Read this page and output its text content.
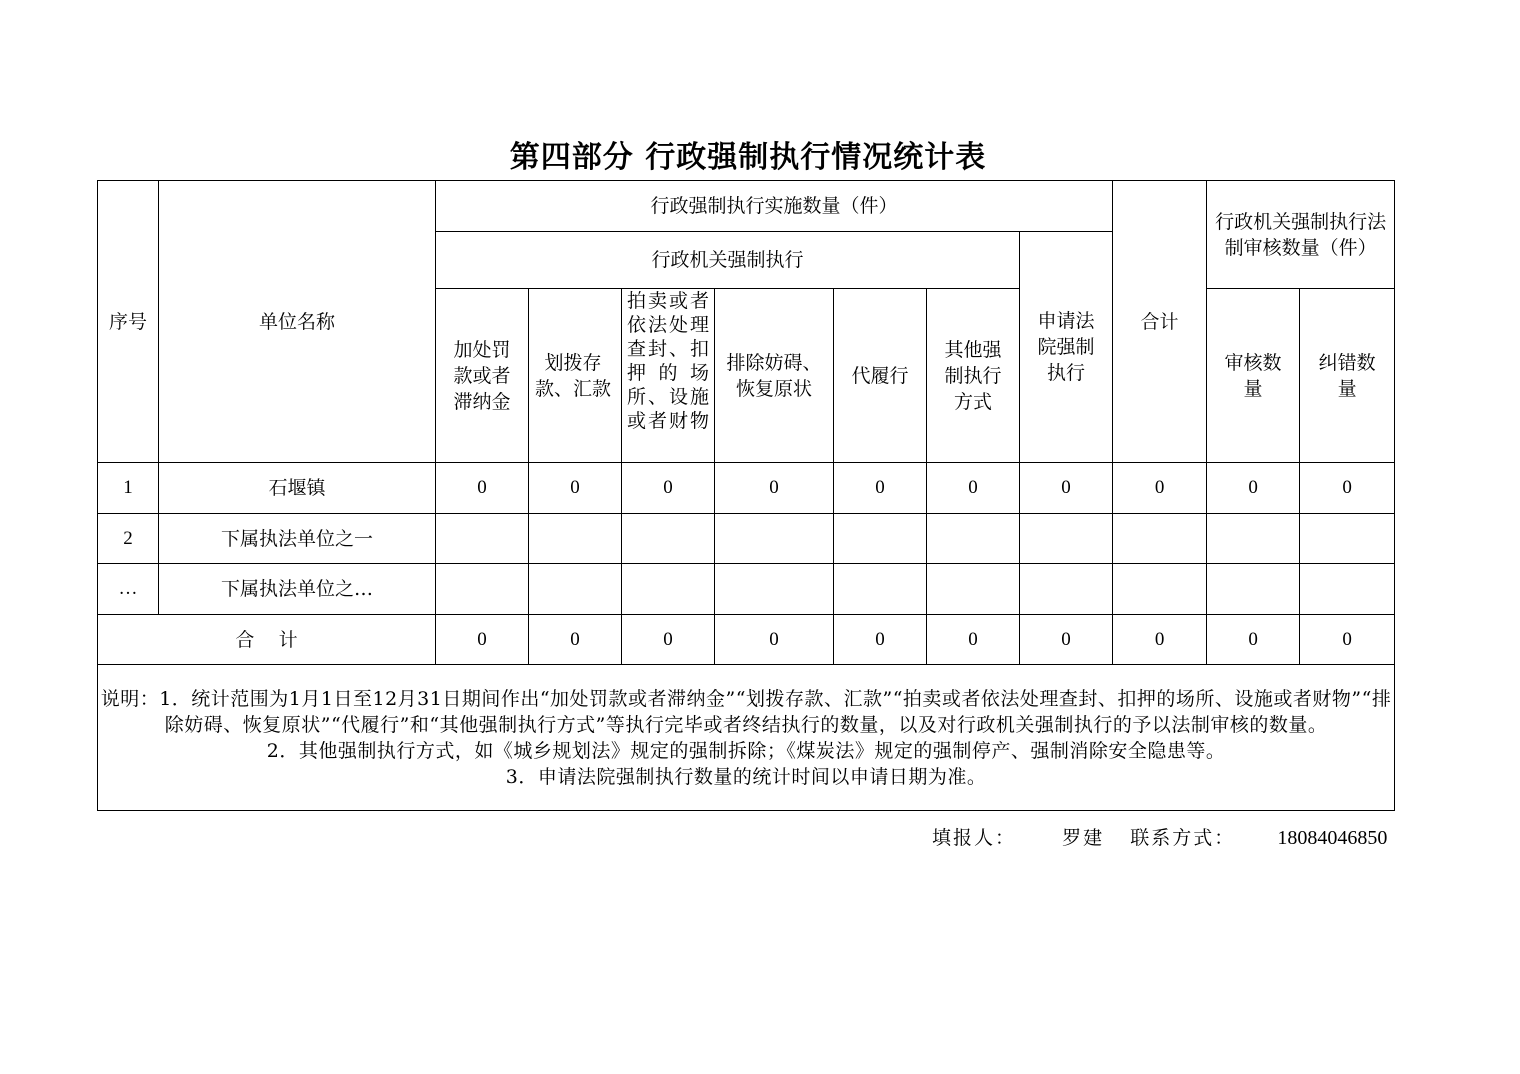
第四部分 行政强制执行情况统计表
序号	单位名称	行政强制执行实施数量（件）							合计	行政机关强制执行法制审核数量（件）	
		行政机关强制执行						申请法院强制执行			
		加处罚款或者滞纳金	划拨存款、汇款	拍卖或者依法处理查封、扣押的场所、设施或者财物	排除妨碍、恢复原状	代履行	其他强制执行方式			审核数量	纠错数量
1	石堰镇	0	0	0	0	0	0	0	0	0	0
2	下属执法单位之一										
…	下属执法单位之…										
合    计		0	0	0	0	0	0	0	0	0	0

说明：1．统计范围为1月1日至12月31日期间作出“加处罚款或者滞纳金”“划拨存款、汇款”“拍卖或者依法处理查封、扣押的场所、设施或者财物”“排除妨碍、恢复原状”“代履行”和“其他强制执行方式”等执行完毕或者终结执行的数量，以及对行政机关强制执行的予以法制审核的数量。
2．其他强制执行方式，如《城乡规划法》规定的强制拆除；《煤炭法》规定的强制停产、强制消除安全隐患等。
3．申请法院强制执行数量的统计时间以申请日期为准。											
填报人： 罗建 联系方式： 18084046850
